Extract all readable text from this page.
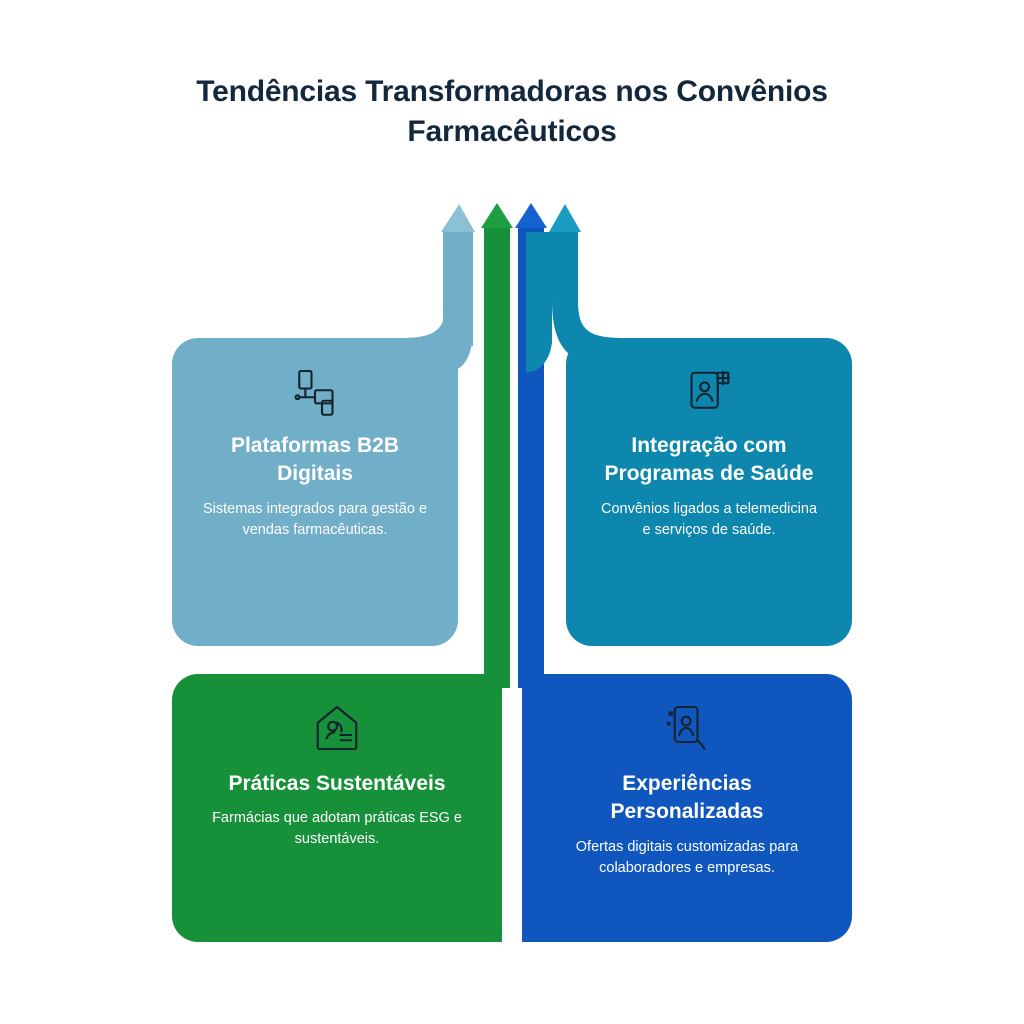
Tendências Transformadoras nos Convênios Farmacêuticos
Plataformas B2B Digitais
Sistemas integrados para gestão e vendas farmacêuticas.
Integração com Programas de Saúde
Convênios ligados a telemedicina e serviços de saúde.
Práticas Sustentáveis
Farmácias que adotam práticas ESG e sustentáveis.
Experiências Personalizadas
Ofertas digitais customizadas para colaboradores e empresas.
